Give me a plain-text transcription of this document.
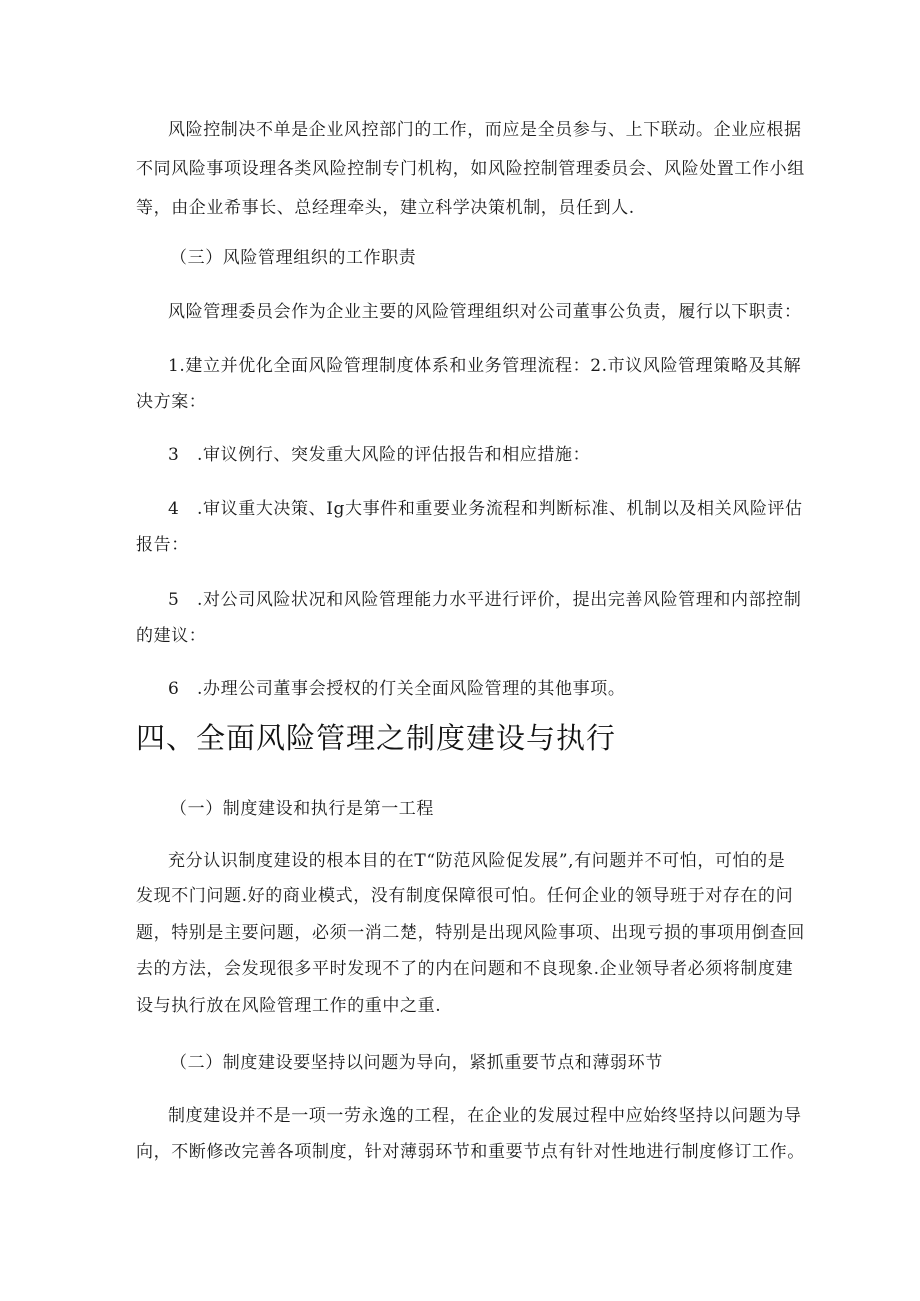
风险控制决不单是企业风控部门的工作，而应是全员参与、上下联动。企业应根据
不同风险事项设理各类风险控制专门机构，如风险控制管理委员会、风险处置工作小组
等，由企业希事长、总经理牵头，建立科学决策机制，员任到人.
（三）风险管理组织的工作职责
风险管理委员会作为企业主要的风险管理组织对公司董事公负责，履行以下职责：
1.建立并优化全面风险管理制度体系和业务管理流程：2.市议风险管理策略及其解
决方案：
3　.审议例行、突发重大风险的评估报告和相应措施：
4　.审议重大决策、Ig大事件和重要业务流程和判断标准、机制以及相关风险评估
报告：
5　.对公司风险状况和风险管理能力水平进行评价，提出完善风险管理和内部控制
的建议：
6　.办理公司董事会授权的仃关全面风险管理的其他事项。
四、全面风险管理之制度建设与执行
（一）制度建设和执行是第一工程
充分认识制度建设的根本目的在T“防范风险促发展”,有问题并不可怕，可怕的是
发现不门问题.好的商业模式，没有制度保障很可怕。任何企业的领导班于对存在的问
题，特别是主要问题，必须一消二楚，特别是出现风险事项、出现亏损的事项用倒查回
去的方法，会发现很多平时发现不了的内在问题和不良现象.企业领导者必须将制度建
设与执行放在风险管理工作的重中之重.
（二）制度建设要坚持以问题为导向，紧抓重要节点和薄弱环节
制度建设并不是一项一劳永逸的工程，在企业的发展过程中应始终坚持以问题为导
向，不断修改完善各项制度，针对薄弱环节和重要节点有针对性地进行制度修订工作。
